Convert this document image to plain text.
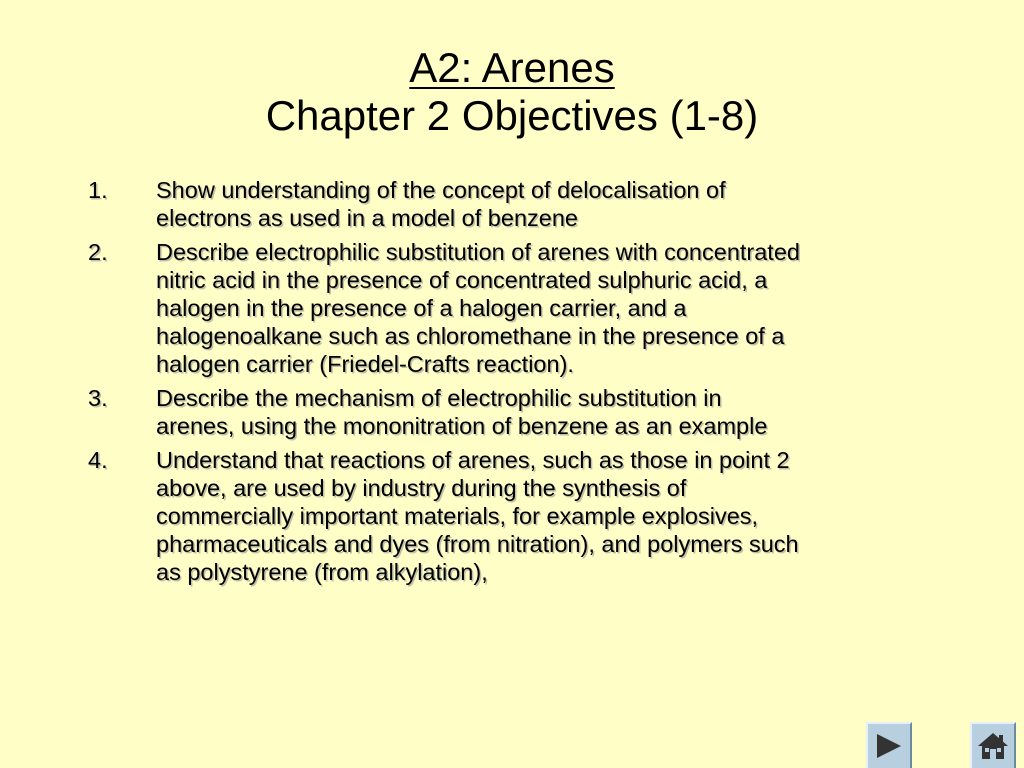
A2: Arenes
Chapter 2 Objectives (1-8)
1.	Show understanding of the concept of delocalisation of
electrons as used in a model of benzene
2.	Describe electrophilic substitution of arenes with concentrated
nitric acid in the presence of concentrated sulphuric acid, a
halogen in the presence of a halogen carrier, and a
halogenoalkane such as chloromethane in the presence of a
halogen carrier (Friedel-Crafts reaction).
3.	Describe the mechanism of electrophilic substitution in
arenes, using the mononitration of benzene as an example
4.	Understand that reactions of arenes, such as those in point 2
above, are used by industry during the synthesis of
commercially important materials, for example explosives,
pharmaceuticals and dyes (from nitration), and polymers such
as polystyrene (from alkylation),
